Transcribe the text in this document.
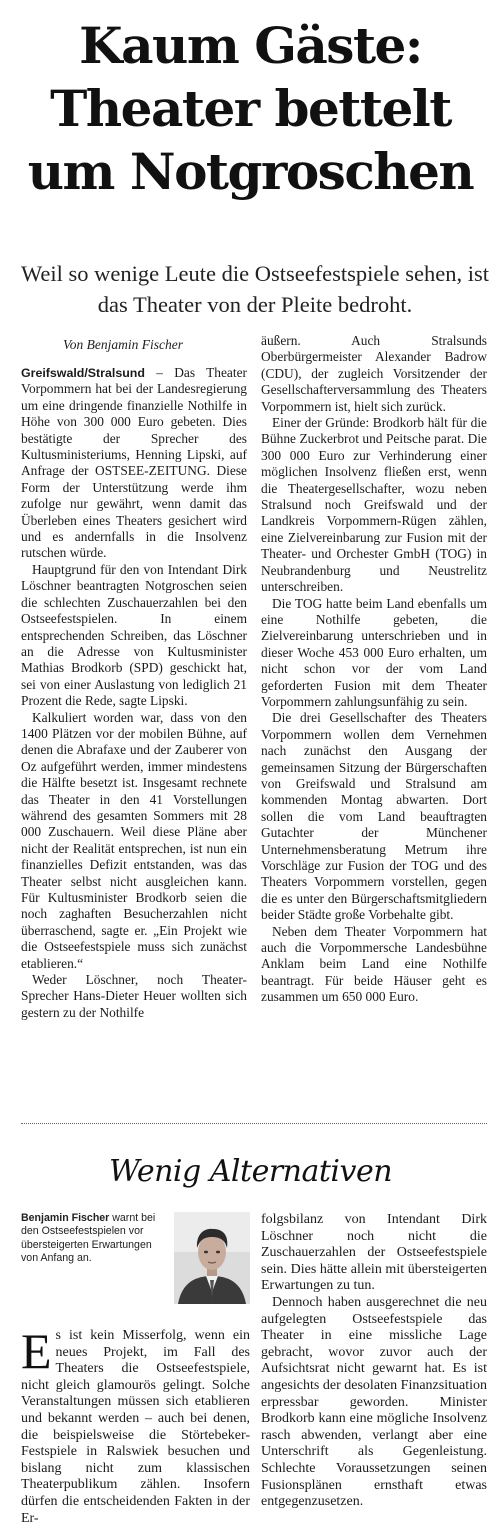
Kaum Gäste: Theater bettelt um Notgroschen
Weil so wenige Leute die Ostseefestspiele sehen, ist das Theater von der Pleite bedroht.
Von Benjamin Fischer

Greifswald/Stralsund – Das Theater Vorpommern hat bei der Landesregierung um eine dringende finanzielle Nothilfe in Höhe von 300 000 Euro gebeten. Dies bestätigte der Sprecher des Kultusministeriums, Henning Lipski, auf Anfrage der OSTSEE-ZEITUNG. Diese Form der Unterstützung werde ihm zufolge nur gewährt, wenn damit das Überleben eines Theaters gesichert wird und es andernfalls in die Insolvenz rutschen würde.

Hauptgrund für den von Intendant Dirk Löschner beantragten Notgroschen seien die schlechten Zuschauerzahlen bei den Ostseefestspielen. In einem entsprechenden Schreiben, das Löschner an die Adresse von Kultusminister Mathias Brodkorb (SPD) geschickt hat, sei von einer Auslastung von lediglich 21 Prozent die Rede, sagte Lipski.

Kalkuliert worden war, dass von den 1400 Plätzen vor der mobilen Bühne, auf denen die Abrafaxe und der Zauberer von Oz aufgeführt werden, immer mindestens die Hälfte besetzt ist. Insgesamt rechnete das Theater in den 41 Vorstellungen während des gesamten Sommers mit 28 000 Zuschauern. Weil diese Pläne aber nicht der Realität entsprechen, ist nun ein finanzielles Defizit entstanden, was das Theater selbst nicht ausgleichen kann. Für Kultusminister Brodkorb seien die noch zaghaften Besucherzahlen nicht überraschend, sagte er. „Ein Projekt wie die Ostseefestspiele muss sich zunächst etablieren.“

Weder Löschner, noch Theater-Sprecher Hans-Dieter Heuer wollten sich gestern zu der Nothilfe

äußern. Auch Stralsunds Oberbürgermeister Alexander Badrow (CDU), der zugleich Vorsitzender der Gesellschafterversammlung des Theaters Vorpommern ist, hielt sich zurück.

Einer der Gründe: Brodkorb hält für die Bühne Zuckerbrot und Peitsche parat. Die 300 000 Euro zur Verhinderung einer möglichen Insolvenz fließen erst, wenn die Theatergesellschafter, wozu neben Stralsund noch Greifswald und der Landkreis Vorpommern-Rügen zählen, eine Zielvereinbarung zur Fusion mit der Theater- und Orchester GmbH (TOG) in Neubrandenburg und Neustrelitz unterschreiben.

Die TOG hatte beim Land ebenfalls um eine Nothilfe gebeten, die Zielvereinbarung unterschrieben und in dieser Woche 453 000 Euro erhalten, um nicht schon vor der vom Land geforderten Fusion mit dem Theater Vorpommern zahlungsunfähig zu sein.

Die drei Gesellschafter des Theaters Vorpommern wollen dem Vernehmen nach zunächst den Ausgang der gemeinsamen Sitzung der Bürgerschaften von Greifswald und Stralsund am kommenden Montag abwarten. Dort sollen die vom Land beauftragten Gutachter der Münchener Unternehmensberatung Metrum ihre Vorschläge zur Fusion der TOG und des Theaters Vorpommern vorstellen, gegen die es unter den Bürgerschaftsmitgliedern beider Städte große Vorbehalte gibt.

Neben dem Theater Vorpommern hat auch die Vorpommersche Landesbühne Anklam beim Land eine Nothilfe beantragt. Für beide Häuser geht es zusammen um 650 000 Euro.

Wenig Alternativen
Benjamin Fischer warnt bei den Ostseefestspielen vor übersteigerten Erwartungen von Anfang an.

Es ist kein Misserfolg, wenn ein neues Projekt, im Fall des Theaters die Ostseefestspiele, nicht gleich glamourös gelingt. Solche Veranstaltungen müssen sich etablieren und bekannt werden – auch bei denen, die beispielsweise die Störtebeker-Festspiele in Ralswiek besuchen und bislang nicht zum klassischen Theaterpublikum zählen. Insofern dürfen die entscheidenden Fakten in der Er-

folgsbilanz von Intendant Dirk Löschner noch nicht die Zuschauerzahlen der Ostseefestspiele sein. Dies hätte allein mit übersteigerten Erwartungen zu tun.

Dennoch haben ausgerechnet die neu aufgelegten Ostseefestspiele das Theater in eine missliche Lage gebracht, wovor zuvor auch der Aufsichtsrat nicht gewarnt hat. Es ist angesichts der desolaten Finanzsituation erpressbar geworden. Minister Brodkorb kann eine mögliche Insolvenz rasch abwenden, verlangt aber eine Unterschrift als Gegenleistung. Schlechte Voraussetzungen seinen Fusionsplänen ernsthaft etwas entgegenzusetzen.
